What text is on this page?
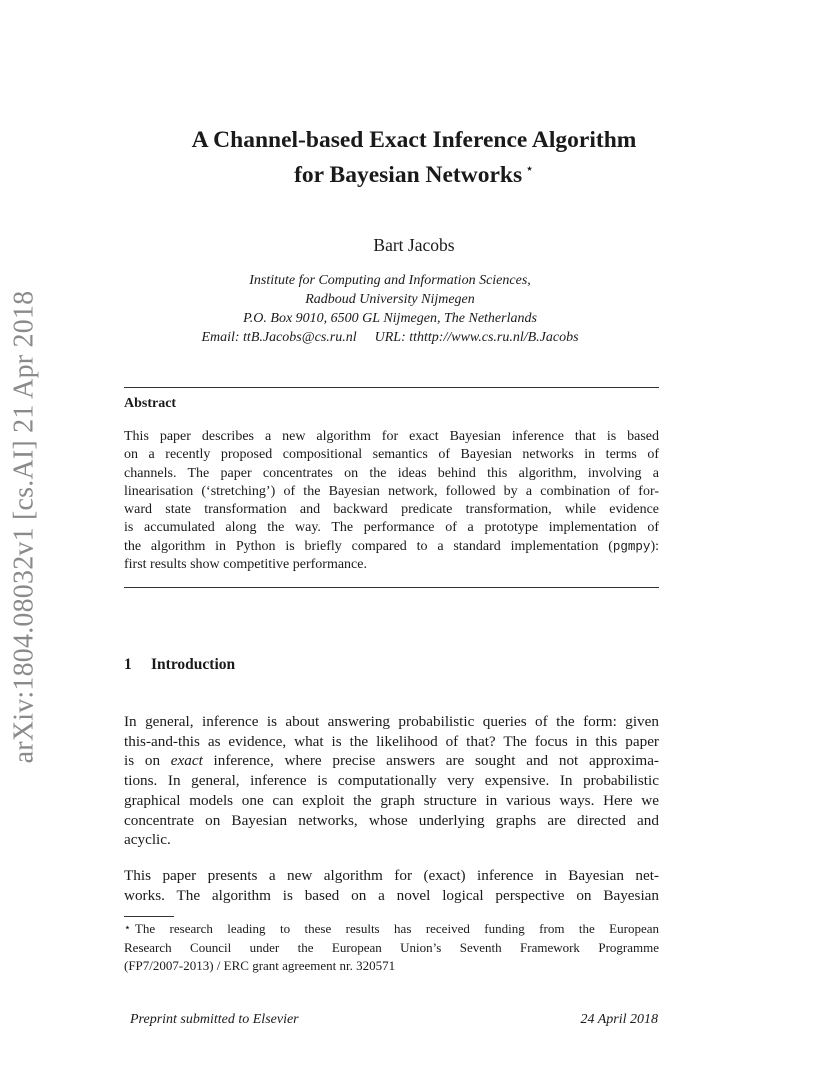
arXiv:1804.08032v1 [cs.AI] 21 Apr 2018
A Channel-based Exact Inference Algorithm
for Bayesian Networks ⋆
Bart Jacobs
Institute for Computing and Information Sciences,
Radboud University Nijmegen
P.O. Box 9010, 6500 GL Nijmegen, The Netherlands
Email: ttB.Jacobs@cs.ru.nl URL: tthttp://www.cs.ru.nl/B.Jacobs
Abstract
This paper describes a new algorithm for exact Bayesian inference that is based
on a recently proposed compositional semantics of Bayesian networks in terms of
channels. The paper concentrates on the ideas behind this algorithm, involving a
linearisation (‘stretching’) of the Bayesian network, followed by a combination of for-
ward state transformation and backward predicate transformation, while evidence
is accumulated along the way. The performance of a prototype implementation of
the algorithm in Python is briefly compared to a standard implementation (pgmpy):
first results show competitive performance.
1 Introduction
In general, inference is about answering probabilistic queries of the form: given
this-and-this as evidence, what is the likelihood of that? The focus in this paper
is on exact inference, where precise answers are sought and not approxima-
tions. In general, inference is computationally very expensive. In probabilistic
graphical models one can exploit the graph structure in various ways. Here we
concentrate on Bayesian networks, whose underlying graphs are directed and
acyclic.
This paper presents a new algorithm for (exact) inference in Bayesian net-
works. The algorithm is based on a novel logical perspective on Bayesian
⋆ The research leading to these results has received funding from the European
Research Council under the European Union’s Seventh Framework Programme
(FP7/2007-2013) / ERC grant agreement nr. 320571
Preprint submitted to Elsevier	24 April 2018
